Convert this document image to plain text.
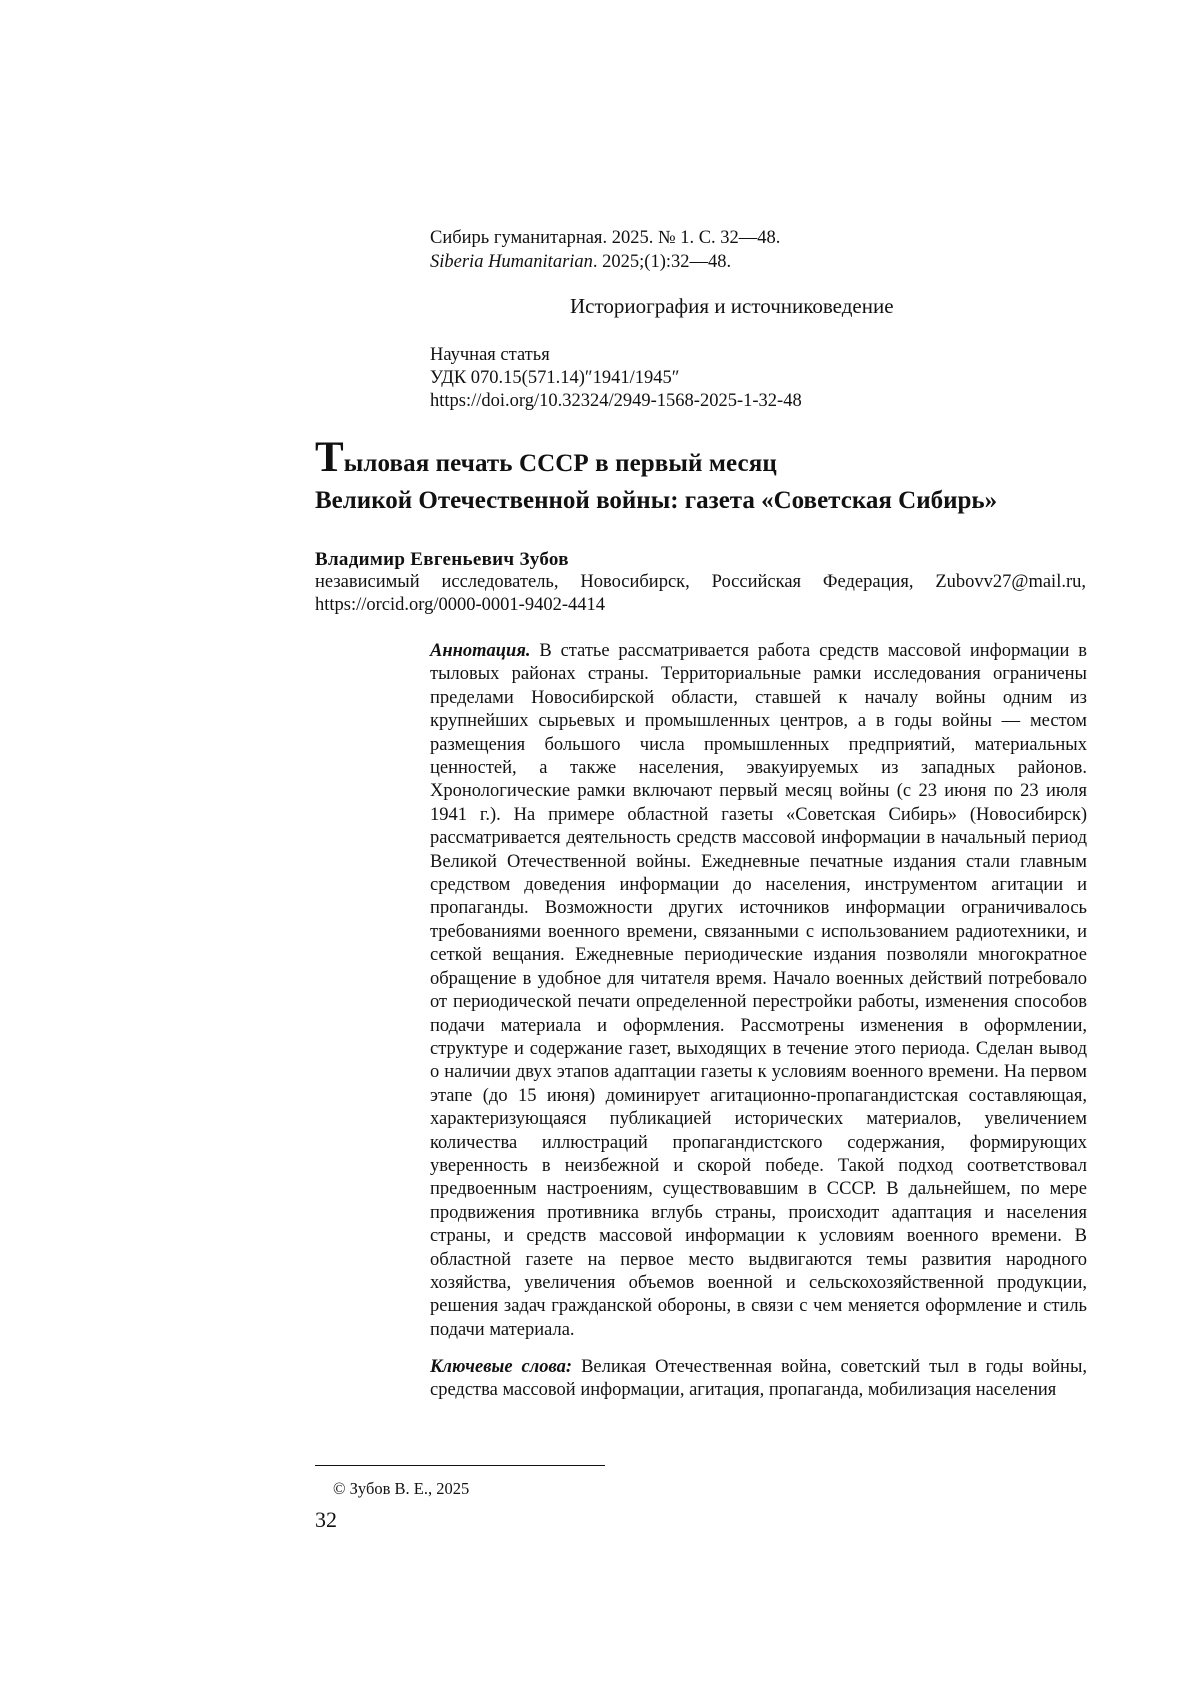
Сибирь гуманитарная. 2025. № 1. С. 32—48.
Siberia Humanitarian. 2025;(1):32—48.
Историография и источниковедение
Научная статья
УДК 070.15(571.14)″1941/1945″
https://doi.org/10.32324/2949-1568-2025-1-32-48
Тыловая печать СССР в первый месяц
Великой Отечественной войны: газета «Советская Сибирь»
Владимир Евгеньевич Зубов
независимый исследователь, Новосибирск, Российская Федерация, Zubovv27@mail.ru,
https://orcid.org/0000-0001-9402-4414
Аннотация. В статье рассматривается работа средств массовой информации в тыловых районах страны. Территориальные рамки исследования ограничены пределами Новосибирской области, ставшей к началу войны одним из крупнейших сырьевых и промышленных центров, а в годы войны — местом размещения большого числа промышленных предприятий, материальных ценностей, а также населения, эвакуируемых из западных районов. Хронологические рамки включают первый месяц войны (с 23 июня по 23 июля 1941 г.). На примере областной газеты «Советская Сибирь» (Новосибирск) рассматривается деятельность средств массовой информации в начальный период Великой Отечественной войны. Ежедневные печатные издания стали главным средством доведения информации до населения, инструментом агитации и пропаганды. Возможности других источников информации ограничивалось требованиями военного времени, связанными с использованием радиотехники, и сеткой вещания. Ежедневные периодические издания позволяли многократное обращение в удобное для читателя время. Начало военных действий потребовало от периодической печати определенной перестройки работы, изменения способов подачи материала и оформления. Рассмотрены изменения в оформлении, структуре и содержание газет, выходящих в течение этого периода. Сделан вывод о наличии двух этапов адаптации газеты к условиям военного времени. На первом этапе (до 15 июня) доминирует агитационно-пропагандистская составляющая, характеризующаяся публикацией исторических материалов, увеличением количества иллюстраций пропагандистского содержания, формирующих уверенность в неизбежной и скорой победе. Такой подход соответствовал предвоенным настроениям, существовавшим в СССР. В дальнейшем, по мере продвижения противника вглубь страны, происходит адаптация и населения страны, и средств массовой информации к условиям военного времени. В областной газете на первое место выдвигаются темы развития народного хозяйства, увеличения объемов военной и сельскохозяйственной продукции, решения задач гражданской обороны, в связи с чем меняется оформление и стиль подачи материала.
Ключевые слова: Великая Отечественная война, советский тыл в годы войны, средства массовой информации, агитация, пропаганда, мобилизация населения
© Зубов В. Е., 2025
32
